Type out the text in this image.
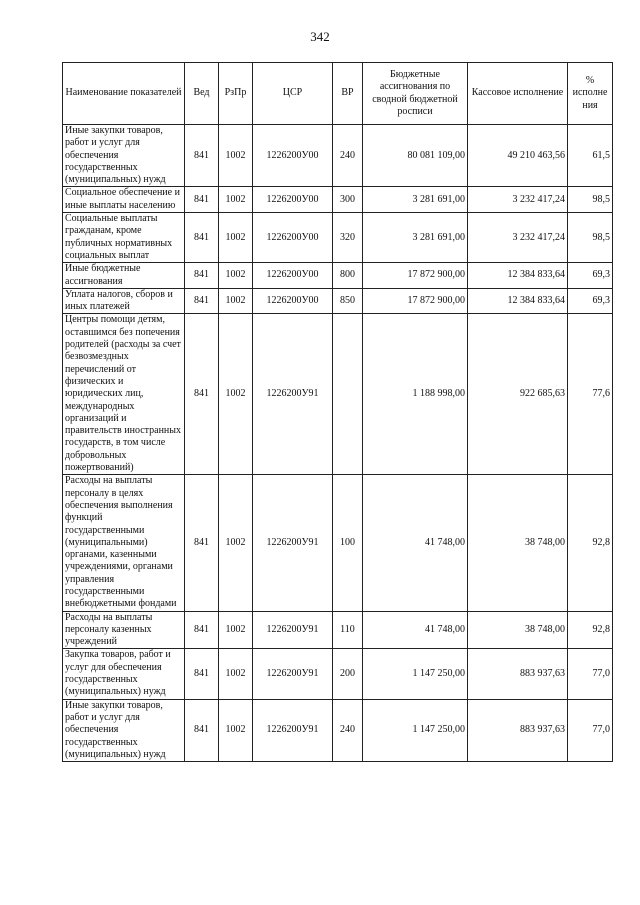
342
Наименование показателей	Вед	РзПр	ЦСР	ВР	Бюджетные ассигнования по сводной бюджетной росписи	Кассовое исполнение	% исполне ния
Иные закупки товаров, работ и услуг для обеспечения государственных (муниципальных) нужд	841	1002	1226200У00	240	80 081 109,00	49 210 463,56	61,5
Социальное обеспечение и иные выплаты населению	841	1002	1226200У00	300	3 281 691,00	3 232 417,24	98,5
Социальные выплаты гражданам, кроме публичных нормативных социальных выплат	841	1002	1226200У00	320	3 281 691,00	3 232 417,24	98,5
Иные бюджетные ассигнования	841	1002	1226200У00	800	17 872 900,00	12 384 833,64	69,3
Уплата налогов, сборов и иных платежей	841	1002	1226200У00	850	17 872 900,00	12 384 833,64	69,3
Центры помощи детям, оставшимся без попечения родителей (расходы за счет безвозмездных перечислений от физических и юридических лиц, международных организаций и правительств иностранных государств, в том числе добровольных пожертвований)	841	1002	1226200У91		1 188 998,00	922 685,63	77,6
Расходы на выплаты персоналу в целях обеспечения выполнения функций государственными (муниципальными) органами, казенными учреждениями, органами управления государственными внебюджетными фондами	841	1002	1226200У91	100	41 748,00	38 748,00	92,8
Расходы на выплаты персоналу казенных учреждений	841	1002	1226200У91	110	41 748,00	38 748,00	92,8
Закупка товаров, работ и услуг для обеспечения государственных (муниципальных) нужд	841	1002	1226200У91	200	1 147 250,00	883 937,63	77,0
Иные закупки товаров, работ и услуг для обеспечения государственных (муниципальных) нужд	841	1002	1226200У91	240	1 147 250,00	883 937,63	77,0
